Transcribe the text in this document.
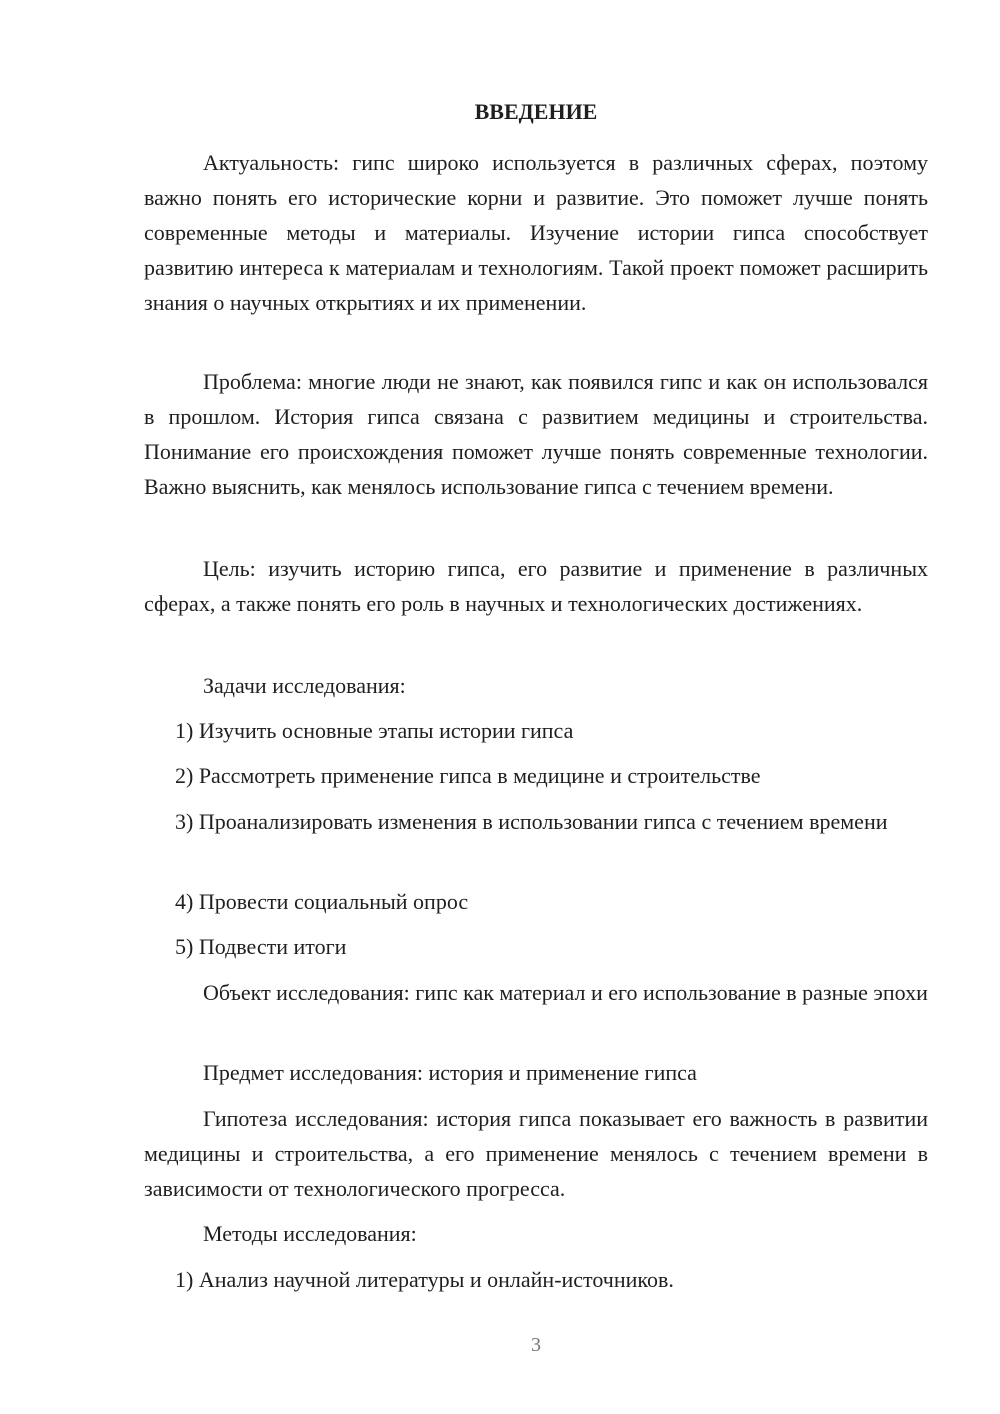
ВВЕДЕНИЕ

Актуальность: гипс широко используется в различных сферах, поэтому важно понять его исторические корни и развитие. Это поможет лучше понять современные методы и материалы. Изучение истории гипса способствует развитию интереса к материалам и технологиям. Такой проект поможет расширить знания о научных открытиях и их применении.

Проблема: многие люди не знают, как появился гипс и как он использовался в прошлом. История гипса связана с развитием медицины и строительства. Понимание его происхождения поможет лучше понять современные технологии. Важно выяснить, как менялось использование гипса с течением времени.

Цель: изучить историю гипса, его развитие и применение в различных сферах, а также понять его роль в научных и технологических достижениях.

Задачи исследования:

1) Изучить основные этапы истории гипса

2) Рассмотреть применение гипса в медицине и строительстве

3) Проанализировать изменения в использовании гипса с течением времени

4) Провести социальный опрос

5) Подвести итоги

Объект исследования: гипс как материал и его использование в разные эпохи

Предмет исследования: история и применение гипса

Гипотеза исследования: история гипса показывает его важность в развитии медицины и строительства, а его применение менялось с течением времени в зависимости от технологического прогресса.

Методы исследования:

1) Анализ научной литературы и онлайн-источников.

3
